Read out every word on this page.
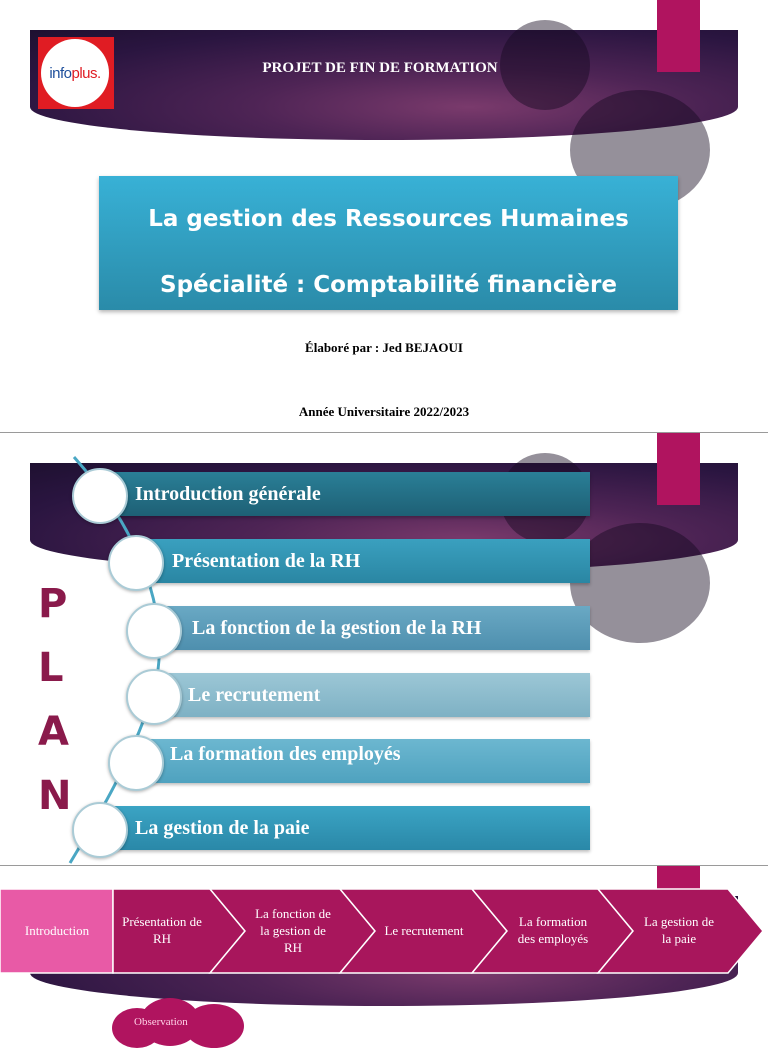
infoplus.	PROJET DE FIN DE FORMATION
La gestion des Ressources Humaines
Spécialité : Comptabilité financière
Élaboré par : Jed BEJAOUI
Année Universitaire 2022/2023
P
L
A
N
Introduction générale
Présentation de la RH
La fonction de la gestion de la RH
Le recrutement
La formation des employés
La gestion de la paie
Introduction
Présentation de RH
La fonction de la gestion de RH
Le recrutement
La formation des employés
La gestion de la paie
Observation
